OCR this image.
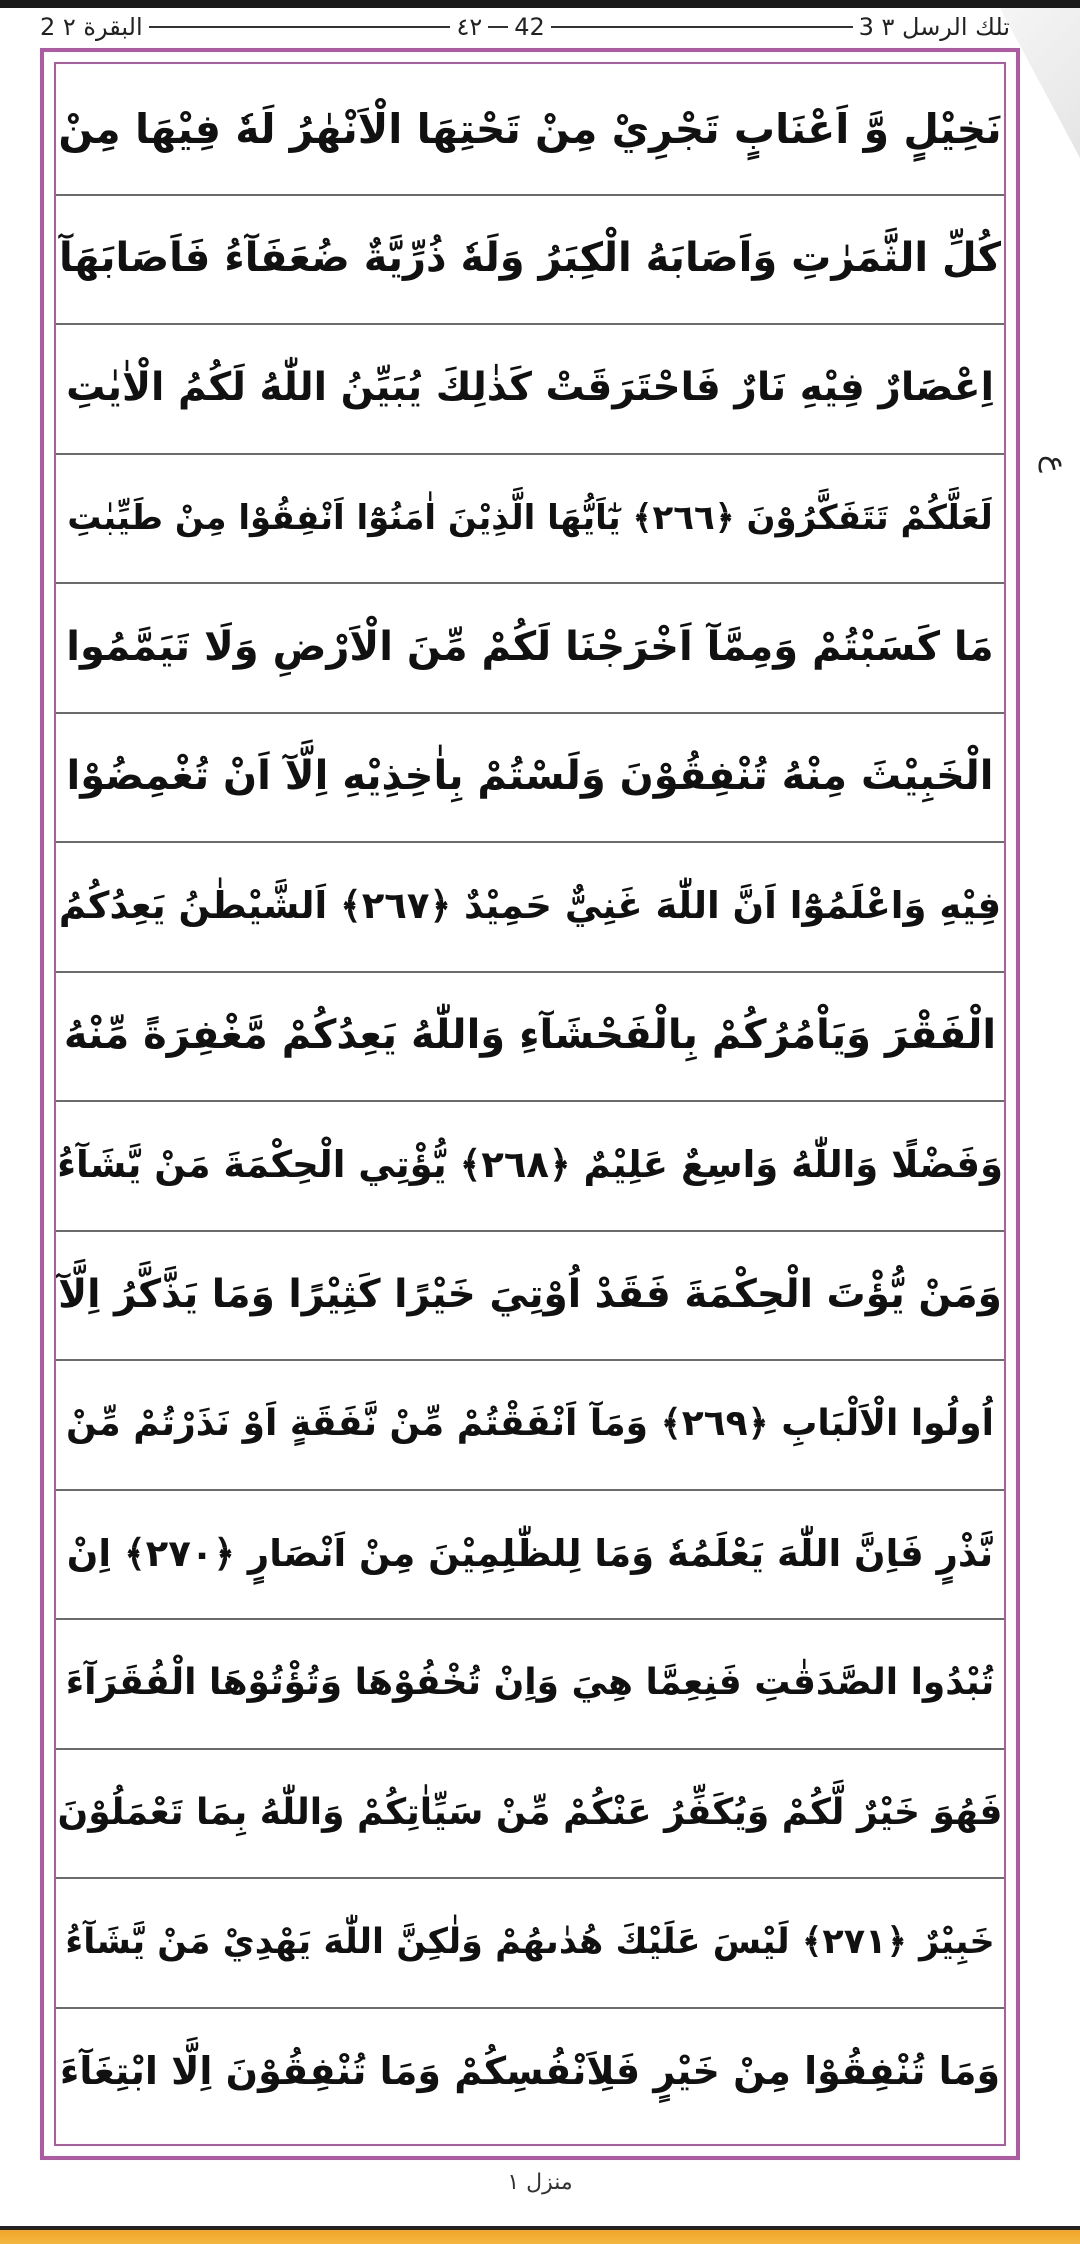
2 البقرة ٢	٤٢ 42	3 تلك الرسل ٣
نَخِيْلٍ وَّ اَعْنَابٍ تَجْرِيْ مِنْ تَحْتِهَا الْاَنْهٰرُ لَهٗ فِيْهَا مِنْ
كُلِّ الثَّمَرٰتِ وَاَصَابَهُ الْكِبَرُ وَلَهٗ ذُرِّيَّةٌ ضُعَفَآءُ فَاَصَابَهَآ
اِعْصَارٌ فِيْهِ نَارٌ فَاحْتَرَقَتْ كَذٰلِكَ يُبَيِّنُ اللّٰهُ لَكُمُ الْاٰيٰتِ
لَعَلَّكُمْ تَتَفَكَّرُوْنَ ﴿٢٦٦﴾ يٰٓاَيُّهَا الَّذِيْنَ اٰمَنُوْٓا اَنْفِقُوْا مِنْ طَيِّبٰتِ
مَا كَسَبْتُمْ وَمِمَّآ اَخْرَجْنَا لَكُمْ مِّنَ الْاَرْضِ وَلَا تَيَمَّمُوا
الْخَبِيْثَ مِنْهُ تُنْفِقُوْنَ وَلَسْتُمْ بِاٰخِذِيْهِ اِلَّآ اَنْ تُغْمِضُوْا
فِيْهِ وَاعْلَمُوْٓا اَنَّ اللّٰهَ غَنِيٌّ حَمِيْدٌ ﴿٢٦٧﴾ اَلشَّيْطٰنُ يَعِدُكُمُ
الْفَقْرَ وَيَاْمُرُكُمْ بِالْفَحْشَآءِ وَاللّٰهُ يَعِدُكُمْ مَّغْفِرَةً مِّنْهُ
وَفَضْلًا وَاللّٰهُ وَاسِعٌ عَلِيْمٌ ﴿٢٦٨﴾ يُّؤْتِي الْحِكْمَةَ مَنْ يَّشَآءُ
وَمَنْ يُّؤْتَ الْحِكْمَةَ فَقَدْ اُوْتِيَ خَيْرًا كَثِيْرًا وَمَا يَذَّكَّرُ اِلَّآ
اُولُوا الْاَلْبَابِ ﴿٢٦٩﴾ وَمَآ اَنْفَقْتُمْ مِّنْ نَّفَقَةٍ اَوْ نَذَرْتُمْ مِّنْ
نَّذْرٍ فَاِنَّ اللّٰهَ يَعْلَمُهٗ وَمَا لِلظّٰلِمِيْنَ مِنْ اَنْصَارٍ ﴿٢٧٠﴾ اِنْ
تُبْدُوا الصَّدَقٰتِ فَنِعِمَّا هِيَ وَاِنْ تُخْفُوْهَا وَتُؤْتُوْهَا الْفُقَرَآءَ
فَهُوَ خَيْرٌ لَّكُمْ وَيُكَفِّرُ عَنْكُمْ مِّنْ سَيِّاٰتِكُمْ وَاللّٰهُ بِمَا تَعْمَلُوْنَ
خَبِيْرٌ ﴿٢٧١﴾ لَيْسَ عَلَيْكَ هُدٰىهُمْ وَلٰكِنَّ اللّٰهَ يَهْدِيْ مَنْ يَّشَآءُ
وَمَا تُنْفِقُوْا مِنْ خَيْرٍ فَلِاَنْفُسِكُمْ وَمَا تُنْفِقُوْنَ اِلَّا ابْتِغَآءَ
ع
منزل ١
